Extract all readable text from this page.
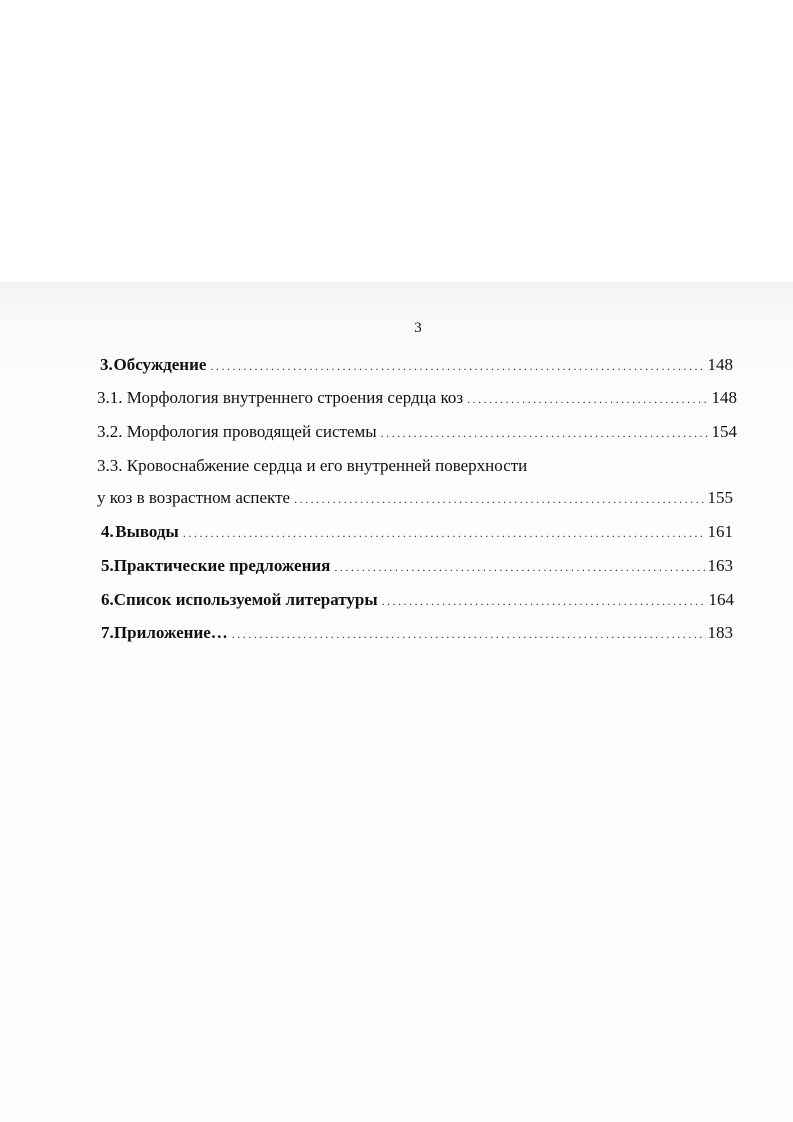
3
3. Обсуждение .....	148
3.1. Морфология внутреннего строения сердца коз .....	148
3.2. Морфология проводящей системы .....	154
3.3. Кровоснабжение сердца и его внутренней поверхности
у коз в возрастном аспекте .....	155
4. Выводы .....	161
5. Практические предложения .....	163
6. Список используемой литературы .....	164
7. Приложение… .....	183
